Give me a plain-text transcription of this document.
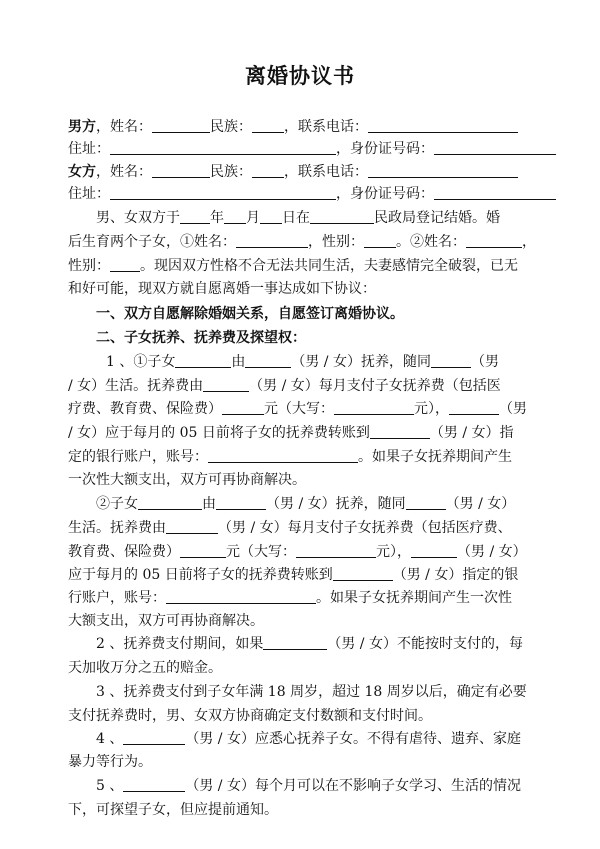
离婚协议书
男方，姓名：	民族： ，联系电话：
住址：	，身份证号码：
女方，姓名：	民族： ，联系电话：
住址：	，身份证号码：
男、女双方于 年 月 日在	民政局登记结婚。婚
后生育两个子女，①姓名：	，性别： 。②姓名：	，
性别： 。现因双方性格不合无法共同生活，夫妻感情完全破裂，已无
和好可能，现双方就自愿离婚一事达成如下协议：
一、双方自愿解除婚姻关系，自愿签订离婚协议。
二、子女抚养、抚养费及探望权：
1 、①子女	由	（男 / 女）抚养，随同	（男
/ 女）生活。抚养费由	（男 / 女）每月支付子女抚养费（包括医
疗费、教育费、保险费）	元（大写：	元），	（男
/ 女）应于每月的 05 日前将子女的抚养费转账到	（男 / 女）指
定的银行账户，账号：	。如果子女抚养期间产生
一次性大额支出，双方可再协商解决。
②子女	由	（男 / 女）抚养，随同	（男 / 女）
生活。抚养费由	（男 / 女）每月支付子女抚养费（包括医疗费、
教育费、保险费）	元（大写：	元），	（男 / 女）
应于每月的 05 日前将子女的抚养费转账到	（男 / 女）指定的银
行账户，账号：	。如果子女抚养期间产生一次性
大额支出，双方可再协商解决。
2 、抚养费支付期间，如果	（男 / 女）不能按时支付的，每
天加收万分之五的赔金。
3 、抚养费支付到子女年满 18 周岁，超过 18 周岁以后，确定有必要
支付抚养费时，男、女双方协商确定支付数额和支付时间。
4 、	（男 / 女）应悉心抚养子女。不得有虐待、遗弃、家庭
暴力等行为。
5 、	（男 / 女）每个月可以在不影响子女学习、生活的情况
下，可探望子女，但应提前通知。
